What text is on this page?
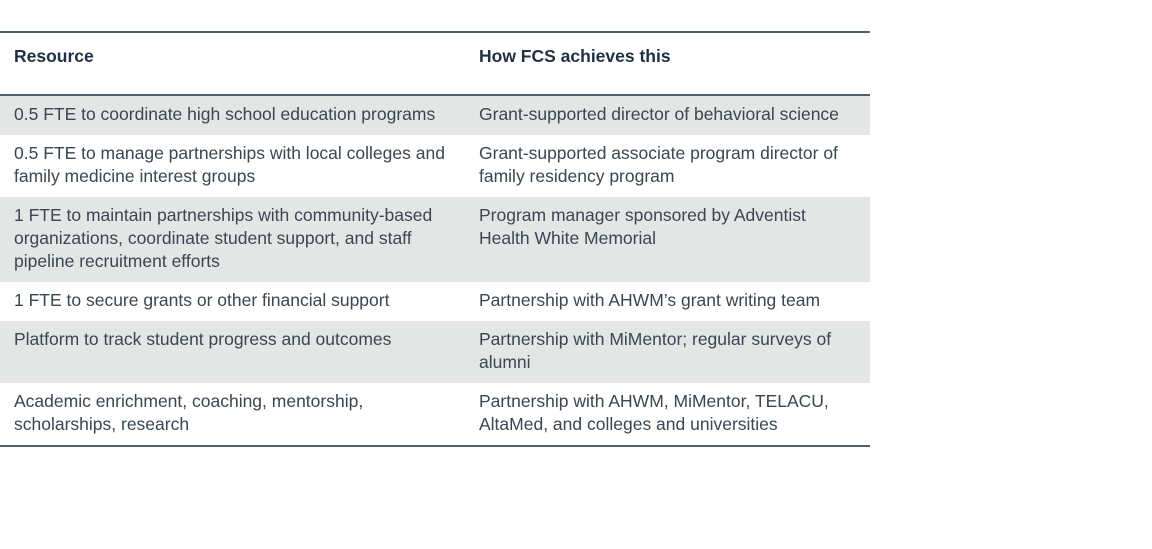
Resource	How FCS achieves this
0.5 FTE to coordinate high school education programs	Grant-supported director of behavioral science
0.5 FTE to manage partnerships with local colleges and family medicine interest groups	Grant-supported associate program director of family residency program
1 FTE to maintain partnerships with community-based organizations, coordinate student support, and staff pipeline recruitment efforts	Program manager sponsored by Adventist Health White Memorial
1 FTE to secure grants or other financial support	Partnership with AHWM’s grant writing team
Platform to track student progress and outcomes	Partnership with MiMentor; regular surveys of alumni
Academic enrichment, coaching, mentorship, scholarships, research	Partnership with AHWM, MiMentor, TELACU, AltaMed, and colleges and universities
